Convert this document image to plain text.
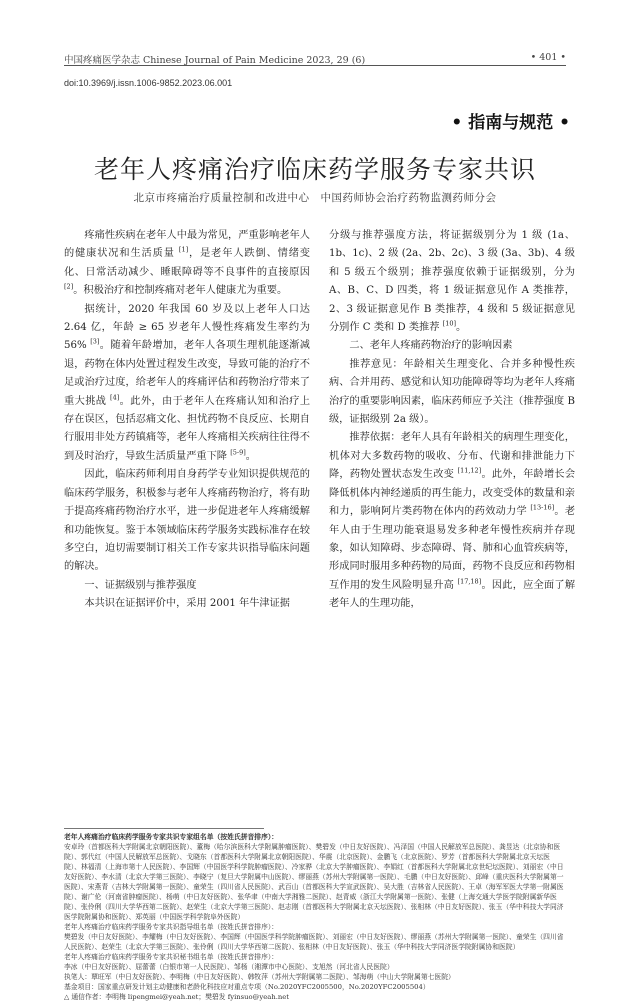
中国疼痛医学杂志 Chinese Journal of Pain Medicine 2023, 29 (6)	• 401 •
doi:10.3969/j.issn.1006-9852.2023.06.001
• 指南与规范 •
老年人疼痛治疗临床药学服务专家共识
北京市疼痛治疗质量控制和改进中心　中国药师协会治疗药物监测药师分会

疼痛性疾病在老年人中最为常见，严重影响老年人的健康状况和生活质量 [1]，是老年人跌倒、情绪变化、日常活动减少、睡眠障碍等不良事件的直接原因 [2]。积极治疗和控制疼痛对老年人健康尤为重要。

据统计，2020 年我国 60 岁及以上老年人口达 2.64 亿，年龄 ≥ 65 岁老年人慢性疼痛发生率约为 56% [3]。随着年龄增加，老年人各项生理机能逐渐减退，药物在体内处置过程发生改变，导致可能的治疗不足或治疗过度，给老年人的疼痛评估和药物治疗带来了重大挑战 [4]。此外，由于老年人在疼痛认知和治疗上存在误区，包括忍痛文化、担忧药物不良反应、长期自行服用非处方药镇痛等，老年人疼痛相关疾病往往得不到及时治疗，导致生活质量严重下降 [5-9]。

因此，临床药师利用自身药学专业知识提供规范的临床药学服务，积极参与老年人疼痛药物治疗，将有助于提高疼痛药物治疗水平，进一步促进老年人疼痛缓解和功能恢复。鉴于本领域临床药学服务实践标准存在较多空白，迫切需要制订相关工作专家共识指导临床问题的解决。

一、证据级别与推荐强度

本共识在证据评价中，采用 2001 年牛津证据

分级与推荐强度方法，将证据级别分为 1 级 (1a、1b、1c)、2 级 (2a、2b、2c)、3 级 (3a、3b)、4 级和 5 级五个级别；推荐强度依赖于证据级别，分为 A、B、C、D 四类，将 1 级证据意见作 A 类推荐，2、3 级证据意见作 B 类推荐，4 级和 5 级证据意见分别作 C 类和 D 类推荐 [10]。

二、老年人疼痛药物治疗的影响因素

推荐意见：年龄相关生理变化、合并多种慢性疾病、合并用药、感觉和认知功能障碍等均为老年人疼痛治疗的重要影响因素，临床药师应予关注（推荐强度 B 级，证据级别 2a 级）。

推荐依据：老年人具有年龄相关的病理生理变化，机体对大多数药物的吸收、分布、代谢和排泄能力下降，药物处置状态发生改变 [11,12]。此外，年龄增长会降低机体内神经递质的再生能力，改变受体的数量和亲和力，影响阿片类药物在体内的药效动力学 [13-16]。老年人由于生理功能衰退易发多种老年慢性疾病并存现象，如认知障碍、步态障碍、肾、肺和心血管疾病等，形成同时服用多种药物的局面，药物不良反应和药物相互作用的发生风险明显升高 [17,18]。因此，应全面了解老年人的生理功能，

老年人疼痛治疗临床药学服务专家共识专家组名单（按姓氏拼音排序）：
安卓玲（首都医科大学附属北京朝阳医院）、董梅（哈尔滨医科大学附属肿瘤医院）、樊碧发（中日友好医院）、冯泽国（中国人民解放军总医院）、龚昱达（北京协和医院）、郭代红（中国人民解放军总医院）、戈晓东（首都医科大学附属北京朝阳医院）、华震（北京医院）、金鹏飞（北京医院）、罗芳（首都医科大学附属北京天坛医院）、林福清（上海市第十人民医院）、李国辉（中国医学科学院肿瘤医院）、冷家骅（北京大学肿瘤医院）、李娟红（首都医科大学附属北京世纪坛医院）、刘丽宏（中日友好医院）、李水清（北京大学第三医院）、李晓宁（复旦大学附属中山医院）、缪丽燕（苏州大学附属第一医院）、毛鹏（中日友好医院）、邱峰（重庆医科大学附属第一医院）、宋燕青（吉林大学附属第一医院）、童荣生（四川省人民医院）、武百山（首都医科大学宣武医院）、吴大胜（吉林省人民医院）、王卓（海军军医大学第一附属医院）、谢广伦（河南省肿瘤医院）、杨萌（中日友好医院）、张华聿（中南大学湘雅二医院）、赵青威（浙江大学附属第一医院）、张健（上海交通大学医学院附属新华医院）、张伶俐（四川大学华西第二医院）、赵荣生（北京大学第三医院）、赵志刚（首都医科大学附属北京天坛医院）、张相林（中日友好医院）、张玉（华中科技大学同济医学院附属协和医院）、郑英丽（中国医学科学院阜外医院）
老年人疼痛治疗临床药学服务专家共识指导组名单（按姓氏拼音排序）：
樊碧发（中日友好医院）、李耀梅（中日友好医院）、李国辉（中国医学科学院肿瘤医院）、刘丽宏（中日友好医院）、缪丽燕（苏州大学附属第一医院）、童荣生（四川省人民医院）、赵荣生（北京大学第三医院）、张伶俐（四川大学华西第二医院）、张相林（中日友好医院）、张玉（华中科技大学同济医学院附属协和医院）
老年人疼痛治疗临床药学服务专家共识秘书组名单（按姓氏拼音排序）：
李冰（中日友好医院）、屈蕾蕾（白银市第一人民医院）、邹杨（湘潭市中心医院）、支旭然（河北省人民医院）
执笔人：覃旺军（中日友好医院）、李明梅（中日友好医院）、韩牧萍（苏州大学附属第二医院）、邹海萌（中山大学附属第七医院）
基金项目：国家重点研发计划主动健康和老龄化科技应对重点专项（No.2020YFC2005500，No.2020YFC2005504）
△ 通信作者：李明梅 lipengmei@yeah.net；樊碧发 fyinsuo@yeah.net
